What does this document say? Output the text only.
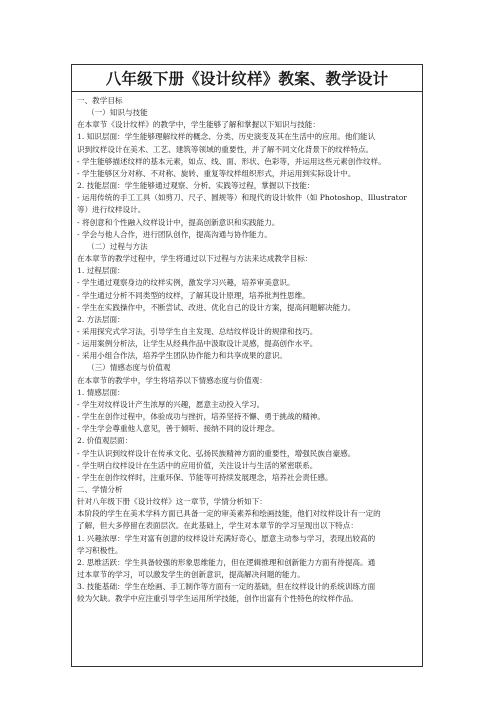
八年级下册《设计纹样》教案、教学设计
一、教学目标
（一）知识与技能
在本章节《设计纹样》的教学中，学生能够了解和掌握以下知识与技能：
1. 知识层面：学生能够理解纹样的概念、分类、历史演变及其在生活中的应用。他们能认
识到纹样设计在美术、工艺、建筑等领域的重要性，并了解不同文化背景下的纹样特点。
- 学生能够描述纹样的基本元素，如点、线、面、形状、色彩等，并运用这些元素创作纹样。
- 学生能够区分对称、不对称、旋转、重复等纹样组织形式，并运用到实际设计中。
2. 技能层面：学生能够通过观察、分析、实践等过程，掌握以下技能：
- 运用传统的手工工具（如剪刀、尺子、圆规等）和现代的设计软件（如 Photoshop、Illustrator
等）进行纹样设计。
- 将创意和个性融入纹样设计中，提高创新意识和实践能力。
- 学会与他人合作，进行团队创作，提高沟通与协作能力。
（二）过程与方法
在本章节的教学过程中，学生将通过以下过程与方法来达成教学目标：
1. 过程层面：
- 学生通过观察身边的纹样实例，激发学习兴趣，培养审美意识。
- 学生通过分析不同类型的纹样，了解其设计原理，培养批判性思维。
- 学生在实践操作中，不断尝试、改进、优化自己的设计方案，提高问题解决能力。
2. 方法层面：
- 采用探究式学习法，引导学生自主发现、总结纹样设计的规律和技巧。
- 运用案例分析法，让学生从经典作品中汲取设计灵感，提高创作水平。
- 采用小组合作法，培养学生团队协作能力和共享成果的意识。
（三）情感态度与价值观
在本章节的教学中，学生将培养以下情感态度与价值观：
1. 情感层面：
- 学生对纹样设计产生浓厚的兴趣，愿意主动投入学习。
- 学生在创作过程中，体验成功与挫折，培养坚持不懈、勇于挑战的精神。
- 学生学会尊重他人意见，善于倾听、接纳不同的设计理念。
2. 价值观层面：
- 学生认识到纹样设计在传承文化、弘扬民族精神方面的重要性，增强民族自豪感。
- 学生明白纹样设计在生活中的应用价值，关注设计与生活的紧密联系。
- 学生在创作纹样时，注重环保、节能等可持续发展理念，培养社会责任感。
二、学情分析
针对八年级下册《设计纹样》这一章节，学情分析如下：
本阶段的学生在美术学科方面已具备一定的审美素养和绘画技能，他们对纹样设计有一定的
了解，但大多停留在表面层次。在此基础上，学生对本章节的学习呈现出以下特点：
1. 兴趣浓厚：学生对富有创意的纹样设计充满好奇心，愿意主动参与学习，表现出较高的
学习积极性。
2. 思维活跃：学生具备较强的形象思维能力，但在逻辑推理和创新能力方面有待提高。通
过本章节的学习，可以激发学生的创新意识，提高解决问题的能力。
3. 技能基础：学生在绘画、手工制作等方面有一定的基础，但在纹样设计的系统训练方面
较为欠缺。教学中应注重引导学生运用所学技能，创作出富有个性特色的纹样作品。
